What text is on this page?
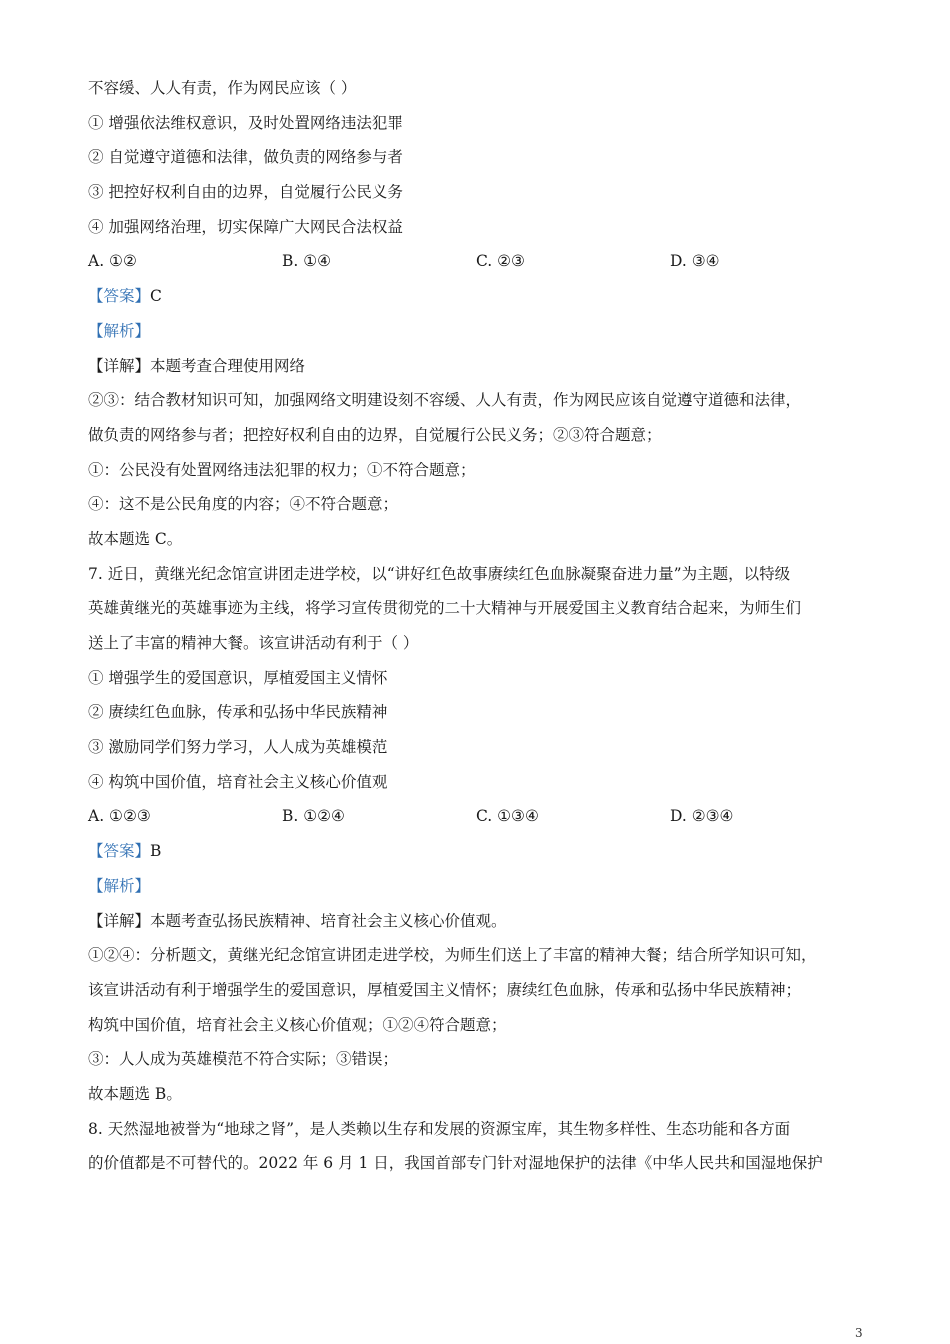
不容缓、人人有责，作为网民应该（ ）

① 增强依法维权意识，及时处置网络违法犯罪

② 自觉遵守道德和法律，做负责的网络参与者

③ 把控好权利自由的边界，自觉履行公民义务

④ 加强网络治理，切实保障广大网民合法权益

A. ①②	B. ①④	C. ②③	D. ③④

【答案】C

【解析】

【详解】本题考查合理使用网络

②③：结合教材知识可知，加强网络文明建设刻不容缓、人人有责，作为网民应该自觉遵守道德和法律，

做负责的网络参与者；把控好权利自由的边界，自觉履行公民义务；②③符合题意；

①：公民没有处置网络违法犯罪的权力；①不符合题意；

④：这不是公民角度的内容；④不符合题意；

故本题选 C。

7. 近日，黄继光纪念馆宣讲团走进学校，以“讲好红色故事赓续红色血脉凝聚奋进力量”为主题，以特级

英雄黄继光的英雄事迹为主线，将学习宣传贯彻党的二十大精神与开展爱国主义教育结合起来，为师生们

送上了丰富的精神大餐。该宣讲活动有利于（ ）

① 增强学生的爱国意识，厚植爱国主义情怀

② 赓续红色血脉，传承和弘扬中华民族精神

③ 激励同学们努力学习，人人成为英雄模范

④ 构筑中国价值，培育社会主义核心价值观

A. ①②③	B. ①②④	C. ①③④	D. ②③④

【答案】B

【解析】

【详解】本题考查弘扬民族精神、培育社会主义核心价值观。

①②④：分析题文，黄继光纪念馆宣讲团走进学校，为师生们送上了丰富的精神大餐；结合所学知识可知，

该宣讲活动有利于增强学生的爱国意识，厚植爱国主义情怀；赓续红色血脉，传承和弘扬中华民族精神；

构筑中国价值，培育社会主义核心价值观；①②④符合题意；

③：人人成为英雄模范不符合实际；③错误；

故本题选 B。

8. 天然湿地被誉为“地球之肾”，是人类赖以生存和发展的资源宝库，其生物多样性、生态功能和各方面

的价值都是不可替代的。2022 年 6 月 1 日，我国首部专门针对湿地保护的法律《中华人民共和国湿地保护

3
